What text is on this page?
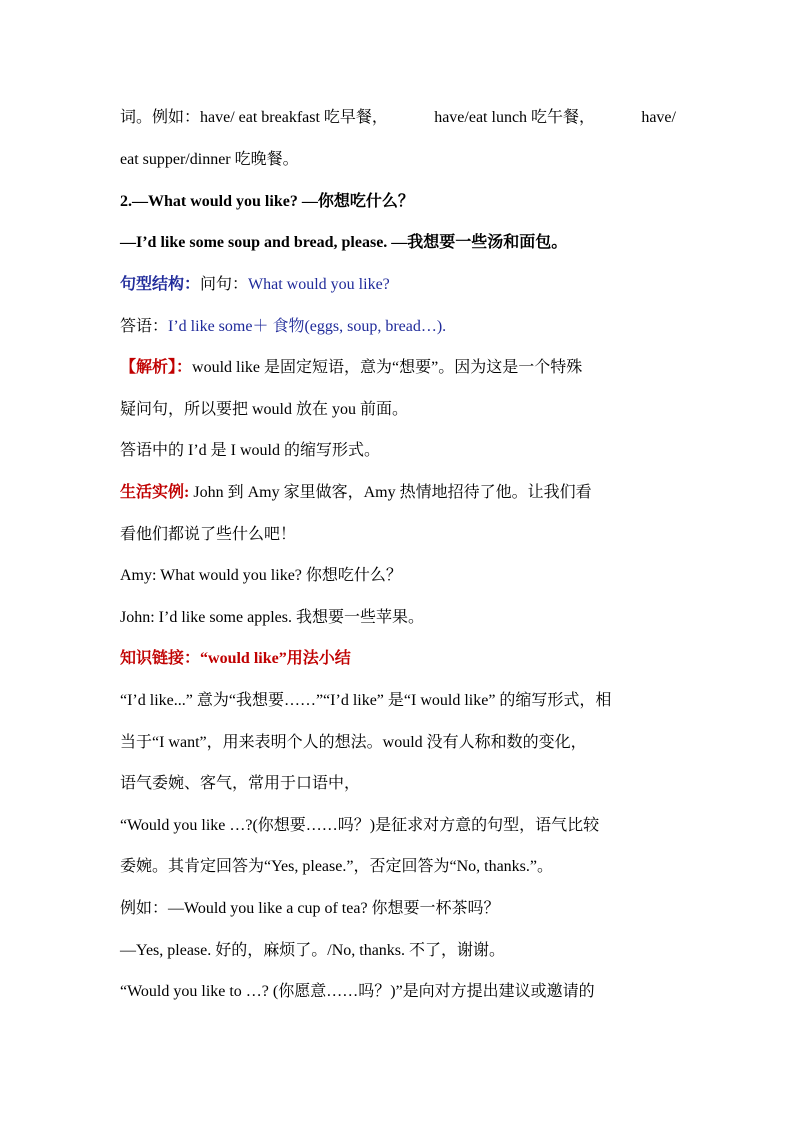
词。例如：have/ eat breakfast 吃早餐，	have/eat lunch 吃午餐，	have/
eat supper/dinner 吃晚餐。
2.—What would you like? —你想吃什么？
—I’d like some soup and bread, please. —我想要一些汤和面包。
句型结构：问句：What would you like?
答语：I’d like some＋ 食物(eggs, soup, bread…).
【解析】：would like 是固定短语，意为“想要”。因为这是一个特殊
疑问句，所以要把 would 放在 you 前面。
答语中的 I’d 是 I would 的缩写形式。
生活实例: John 到 Amy 家里做客，Amy 热情地招待了他。让我们看
看他们都说了些什么吧！
Amy: What would you like? 你想吃什么？
John: I’d like some apples. 我想要一些苹果。
知识链接：“would like”用法小结
“I’d like...” 意为“我想要……”“I’d like” 是“I would like” 的缩写形式，相
当于“I want”，用来表明个人的想法。would 没有人称和数的变化，
语气委婉、客气，常用于口语中，
“Would you like …?(你想要……吗？)是征求对方意的句型，语气比较
委婉。其肯定回答为“Yes, please.”，否定回答为“No, thanks.”。
例如：—Would you like a cup of tea? 你想要一杯茶吗？
—Yes, please. 好的，麻烦了。/No, thanks. 不了，谢谢。
“Would you like to …? (你愿意……吗？)”是向对方提出建议或邀请的
